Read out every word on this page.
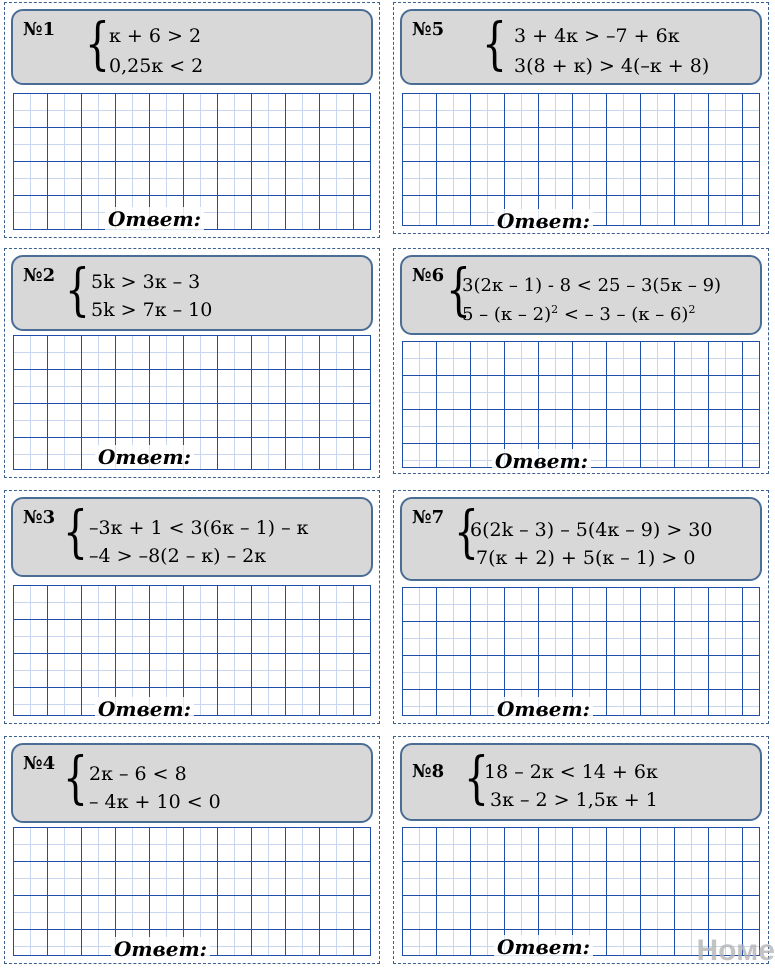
№1 { к + 6 > 2
0,25к < 2
Ответ:
№5 { 3 + 4к > –7 + 6к
3(8 + к) > 4(–к + 8)
Ответ:
№2 { 5k > 3к – 3
5k > 7к – 10
Ответ:
№6 {
3(2к – 1) - 8 < 25 – 3(5к – 9)
5 – (к – 2)$^2$ < – 3 – (к – 6)$^2$
Ответ:
№3 { –3к + 1 < 3(6к – 1) – к
–4 > –8(2 – к) – 2к
Ответ:
№7 {
6(2k – 3) – 5(4к – 9) > 30
7(к + 2) + 5(к – 1) > 0
Ответ:
№4 { 2к – 6 < 8
– 4к + 10 < 0
Ответ:
№8 {
18 – 2к < 14 + 6к
3к – 2 > 1,5к + 1
Ответ:	Номе
